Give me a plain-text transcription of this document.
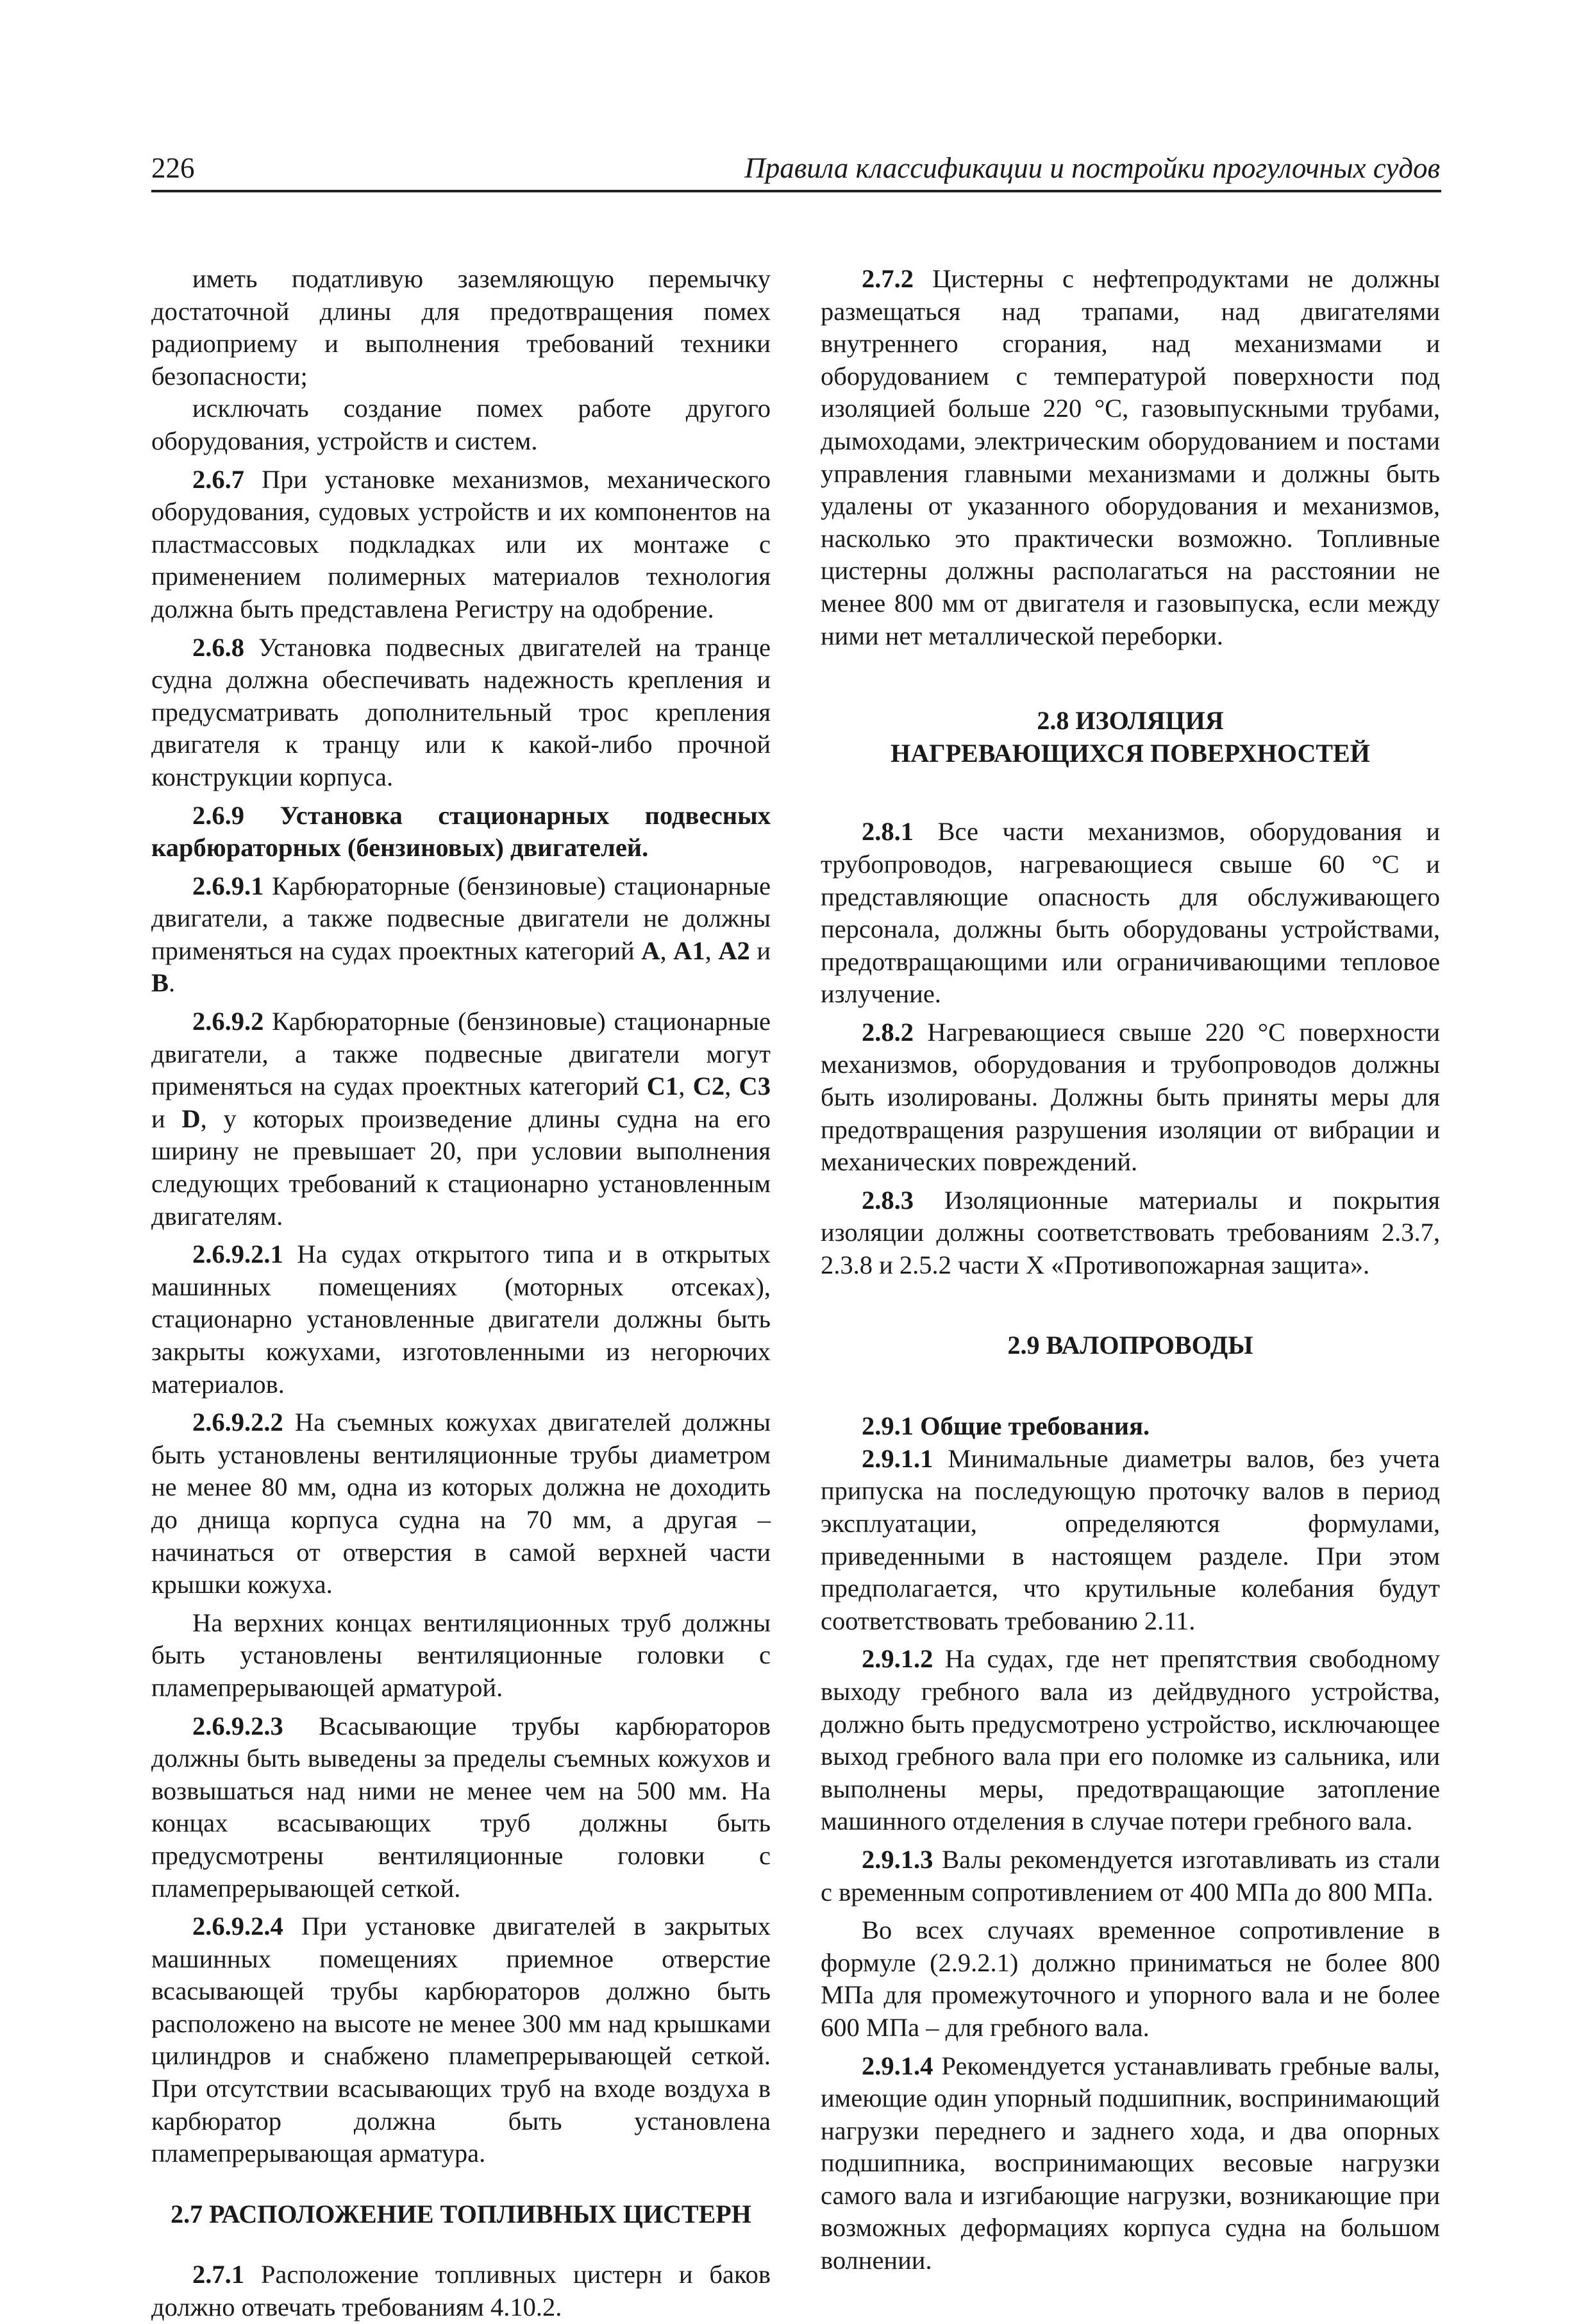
226	Правила классификации и постройки прогулочных судов

иметь податливую заземляющую перемычку достаточной длины для предотвращения помех радиоприему и выполнения требований техники безопасности;

исключать создание помех работе другого оборудования, устройств и систем.

2.6.7 При установке механизмов, механического оборудования, судовых устройств и их компонентов на пластмассовых подкладках или их монтаже с применением полимерных материалов технология должна быть представлена Регистру на одобрение.

2.6.8 Установка подвесных двигателей на транце судна должна обеспечивать надежность крепления и предусматривать дополнительный трос крепления двигателя к транцу или к какой-либо прочной конструкции корпуса.

2.6.9 Установка стационарных подвесных карбюраторных (бензиновых) двигателей.

2.6.9.1 Карбюраторные (бензиновые) стационарные двигатели, а также подвесные двигатели не должны применяться на судах проектных категорий A, A1, A2 и B.

2.6.9.2 Карбюраторные (бензиновые) стационарные двигатели, а также подвесные двигатели могут применяться на судах проектных категорий C1, C2, C3 и D, у которых произведение длины судна на его ширину не превышает 20, при условии выполнения следующих требований к стационарно установленным двигателям.

2.6.9.2.1 На судах открытого типа и в открытых машинных помещениях (моторных отсеках), стационарно установленные двигатели должны быть закрыты кожухами, изготовленными из негорючих материалов.

2.6.9.2.2 На съемных кожухах двигателей должны быть установлены вентиляционные трубы диаметром не менее 80 мм, одна из которых должна не доходить до днища корпуса судна на 70 мм, а другая – начинаться от отверстия в самой верхней части крышки кожуха.

На верхних концах вентиляционных труб должны быть установлены вентиляционные головки с пламепрерывающей арматурой.

2.6.9.2.3 Всасывающие трубы карбюраторов должны быть выведены за пределы съемных кожухов и возвышаться над ними не менее чем на 500 мм. На концах всасывающих труб должны быть предусмотрены вентиляционные головки с пламепрерывающей сеткой.

2.6.9.2.4 При установке двигателей в закрытых машинных помещениях приемное отверстие всасывающей трубы карбюраторов должно быть расположено на высоте не менее 300 мм над крышками цилиндров и снабжено пламепрерывающей сеткой. При отсутствии всасывающих труб на входе воздуха в карбюратор должна быть установлена пламепрерывающая арматура.

2.7 РАСПОЛОЖЕНИЕ ТОПЛИВНЫХ ЦИСТЕРН

2.7.1 Расположение топливных цистерн и баков должно отвечать требованиям 4.10.2.

2.7.2 Цистерны с нефтепродуктами не должны размещаться над трапами, над двигателями внутреннего сгорания, над механизмами и оборудованием с температурой поверхности под изоляцией больше 220 °С, газовыпускными трубами, дымоходами, электрическим оборудованием и постами управления главными механизмами и должны быть удалены от указанного оборудования и механизмов, насколько это практически возможно. Топливные цистерны должны располагаться на расстоянии не менее 800 мм от двигателя и газовыпуска, если между ними нет металлической переборки.

2.8 ИЗОЛЯЦИЯ
НАГРЕВАЮЩИХСЯ ПОВЕРХНОСТЕЙ

2.8.1 Все части механизмов, оборудования и трубопроводов, нагревающиеся свыше 60 °С и представляющие опасность для обслуживающего персонала, должны быть оборудованы устройствами, предотвращающими или ограничивающими тепловое излучение.

2.8.2 Нагревающиеся свыше 220 °С поверхности механизмов, оборудования и трубопроводов должны быть изолированы. Должны быть приняты меры для предотвращения разрушения изоляции от вибрации и механических повреждений.

2.8.3 Изоляционные материалы и покрытия изоляции должны соответствовать требованиям 2.3.7, 2.3.8 и 2.5.2 части X «Противопожарная защита».

2.9 ВАЛОПРОВОДЫ

2.9.1 Общие требования.

2.9.1.1 Минимальные диаметры валов, без учета припуска на последующую проточку валов в период эксплуатации, определяются формулами, приведенными в настоящем разделе. При этом предполагается, что крутильные колебания будут соответствовать требованию 2.11.

2.9.1.2 На судах, где нет препятствия свободному выходу гребного вала из дейдвудного устройства, должно быть предусмотрено устройство, исключающее выход гребного вала при его поломке из сальника, или выполнены меры, предотвращающие затопление машинного отделения в случае потери гребного вала.

2.9.1.3 Валы рекомендуется изготавливать из стали с временным сопротивлением от 400 МПа до 800 МПа.

Во всех случаях временное сопротивление в формуле (2.9.2.1) должно приниматься не более 800 МПа для промежуточного и упорного вала и не более 600 МПа – для гребного вала.

2.9.1.4 Рекомендуется устанавливать гребные валы, имеющие один упорный подшипник, воспринимающий нагрузки переднего и заднего хода, и два опорных подшипника, воспринимающих весовые нагрузки самого вала и изгибающие нагрузки, возникающие при возможных деформациях корпуса судна на большом волнении.
